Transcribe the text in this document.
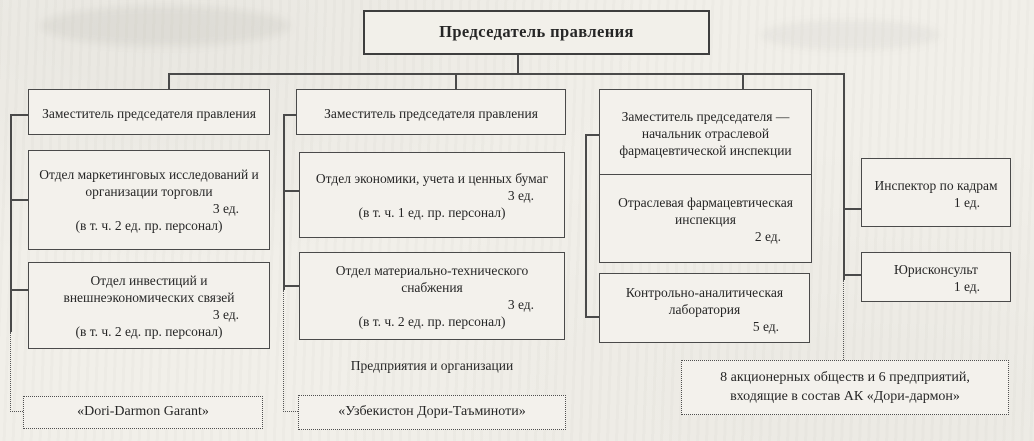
Председатель правления
Заместитель председателя правления
Отдел маркетинговых исследований и организации торговли
3 ед.
(в т. ч. 2 ед. пр. персонал)
Отдел инвестиций и внешнеэкономических связей
3 ед.
(в т. ч. 2 ед. пр. персонал)
«Dori-Darmon Garant»
Заместитель председателя правления
Отдел экономики, учета и ценных бумаг
3 ед.
(в т. ч. 1 ед. пр. персонал)
Отдел материально-технического снабжения
3 ед.
(в т. ч. 2 ед. пр. персонал)
Предприятия и организации
«Узбекистон Дори-Таъминоти»
Заместитель председателя — начальник отраслевой фармацевтической инспекции
Отраслевая фармацевтическая инспекция
2 ед.
Контрольно-аналитическая лаборатория
5 ед.
Инспектор по кадрам
1 ед.
Юрисконсульт
1 ед.
8 акционерных обществ и 6 предприятий, входящие в состав АК «Дори-дармон»
